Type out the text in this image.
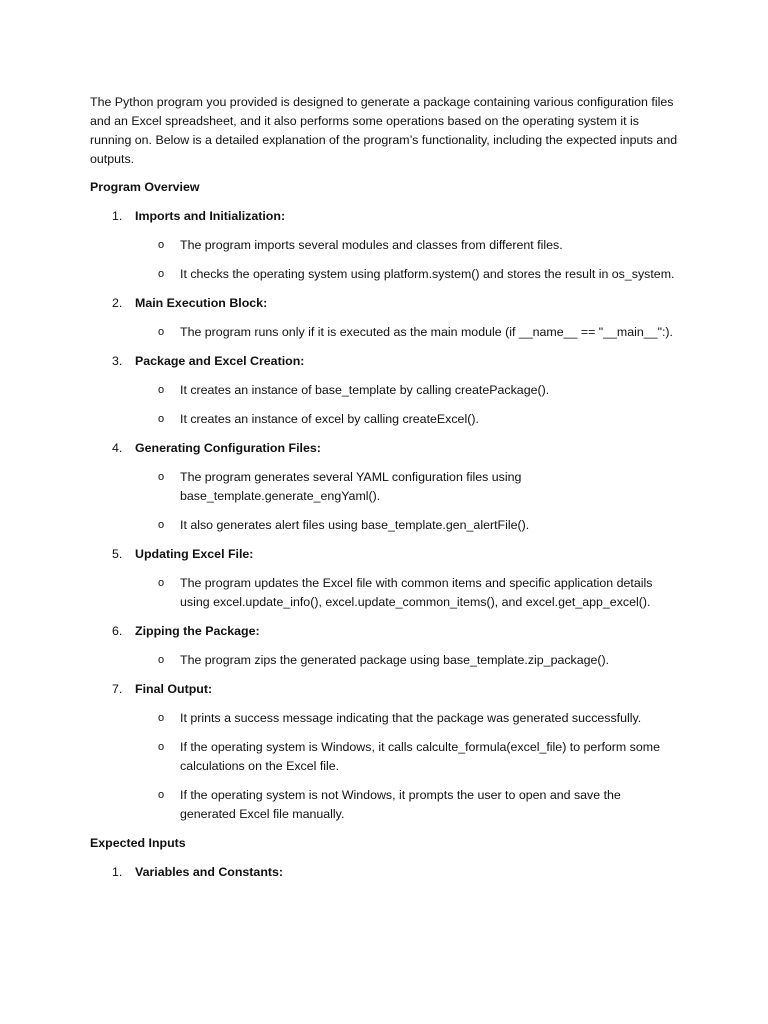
The Python program you provided is designed to generate a package containing various configuration files and an Excel spreadsheet, and it also performs some operations based on the operating system it is running on. Below is a detailed explanation of the program’s functionality, including the expected inputs and outputs.

Program Overview

1. Imports and Initialization:
o The program imports several modules and classes from different files.
o It checks the operating system using platform.system() and stores the result in os_system.
2. Main Execution Block:
o The program runs only if it is executed as the main module (if __name__ == "__main__":).
3. Package and Excel Creation:
o It creates an instance of base_template by calling createPackage().
o It creates an instance of excel by calling createExcel().
4. Generating Configuration Files:
o The program generates several YAML configuration files using base_template.generate_engYaml().
o It also generates alert files using base_template.gen_alertFile().
5. Updating Excel File:
o The program updates the Excel file with common items and specific application details using excel.update_info(), excel.update_common_items(), and excel.get_app_excel().
6. Zipping the Package:
o The program zips the generated package using base_template.zip_package().
7. Final Output:
o It prints a success message indicating that the package was generated successfully.
o If the operating system is Windows, it calls calculte_formula(excel_file) to perform some calculations on the Excel file.
o If the operating system is not Windows, it prompts the user to open and save the generated Excel file manually.

Expected Inputs

1. Variables and Constants:
